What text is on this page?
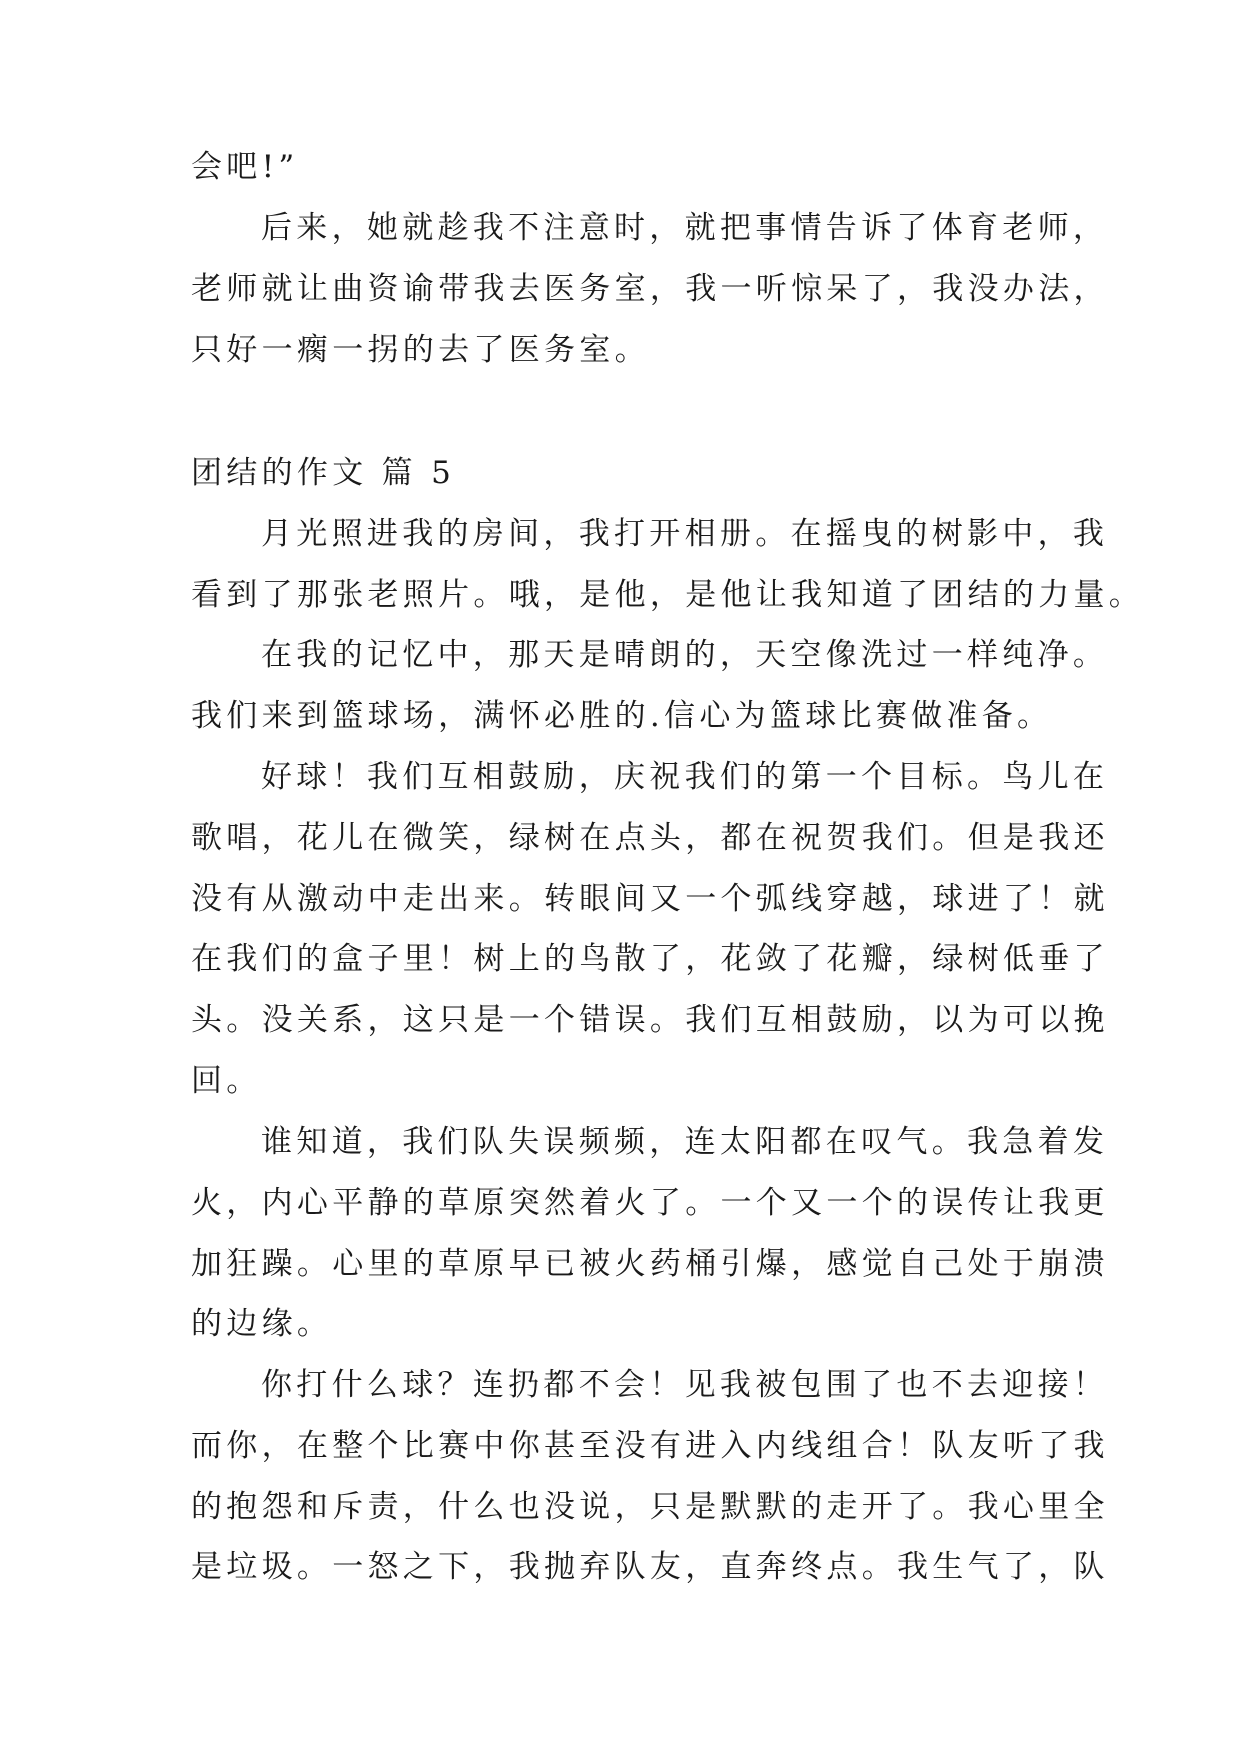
会吧!”
后来，她就趁我不注意时，就把事情告诉了体育老师，
老师就让曲资谕带我去医务室，我一听惊呆了，我没办法，
只好一瘸一拐的去了医务室。
团结的作文 篇 5
月光照进我的房间，我打开相册。在摇曳的树影中，我
看到了那张老照片。哦，是他，是他让我知道了团结的力量。
在我的记忆中，那天是晴朗的，天空像洗过一样纯净。
我们来到篮球场，满怀必胜的.信心为篮球比赛做准备。
好球！我们互相鼓励，庆祝我们的第一个目标。鸟儿在
歌唱，花儿在微笑，绿树在点头，都在祝贺我们。但是我还
没有从激动中走出来。转眼间又一个弧线穿越，球进了！就
在我们的盒子里！树上的鸟散了，花敛了花瓣，绿树低垂了
头。没关系，这只是一个错误。我们互相鼓励，以为可以挽
回。
谁知道，我们队失误频频，连太阳都在叹气。我急着发
火，内心平静的草原突然着火了。一个又一个的误传让我更
加狂躁。心里的草原早已被火药桶引爆，感觉自己处于崩溃
的边缘。
你打什么球？连扔都不会！见我被包围了也不去迎接！
而你，在整个比赛中你甚至没有进入内线组合！队友听了我
的抱怨和斥责，什么也没说，只是默默的走开了。我心里全
是垃圾。一怒之下，我抛弃队友，直奔终点。我生气了，队
